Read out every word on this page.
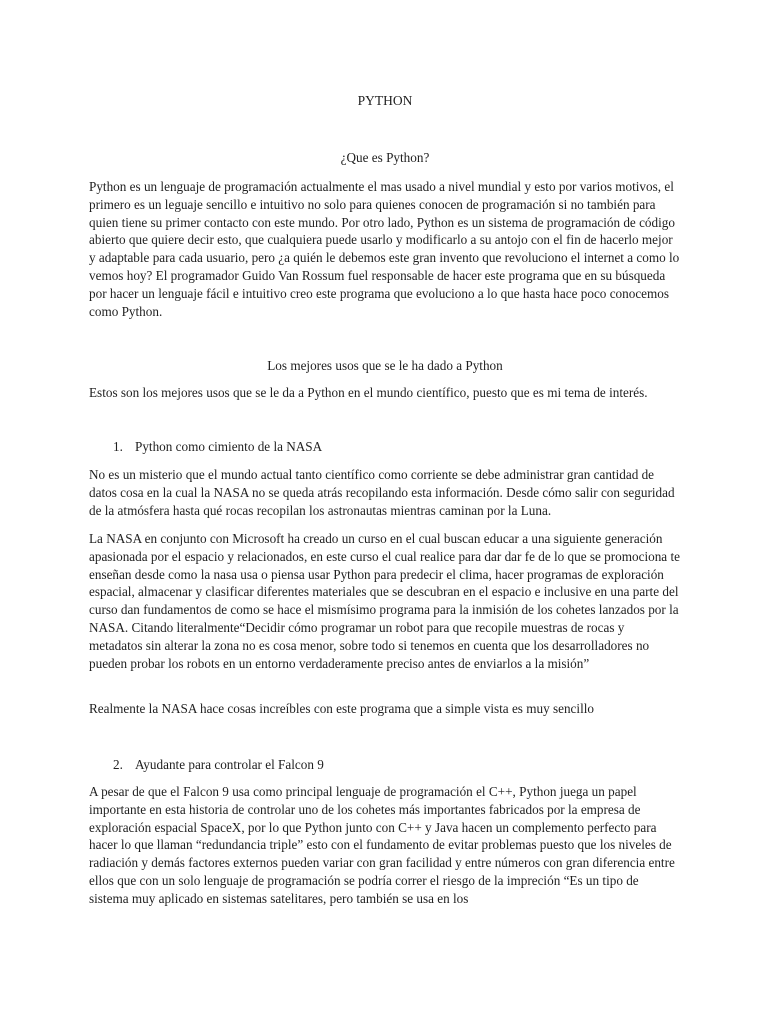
PYTHON

¿Que es Python?

Python es un lenguaje de programación actualmente el mas usado a nivel mundial y esto por varios motivos, el primero es un leguaje sencillo e intuitivo no solo para quienes conocen de programación si no también para quien tiene su primer contacto con este mundo. Por otro lado, Python es un sistema de programación de código abierto que quiere decir esto, que cualquiera puede usarlo y modificarlo a su antojo con el fin de hacerlo mejor y adaptable para cada usuario, pero ¿a quién le debemos este gran invento que revoluciono el internet a como lo vemos hoy? El programador Guido Van Rossum fuel responsable de hacer este programa que en su búsqueda por hacer un lenguaje fácil e intuitivo creo este programa que evoluciono a lo que hasta hace poco conocemos como Python.

Los mejores usos que se le ha dado a Python

Estos son los mejores usos que se le da a Python en el mundo científico, puesto que es mi tema de interés.

1. Python como cimiento de la NASA

No es un misterio que el mundo actual tanto científico como corriente se debe administrar gran cantidad de datos cosa en la cual la NASA no se queda atrás recopilando esta información. Desde cómo salir con seguridad de la atmósfera hasta qué rocas recopilan los astronautas mientras caminan por la Luna.

La NASA en conjunto con Microsoft ha creado un curso en el cual buscan educar a una siguiente generación apasionada por el espacio y relacionados, en este curso el cual realice para dar dar fe de lo que se promociona te enseñan desde como la nasa usa o piensa usar Python para predecir el clima, hacer programas de exploración espacial, almacenar y clasificar diferentes materiales que se descubran en el espacio e inclusive en una parte del curso dan fundamentos de como se hace el mismísimo programa para la inmisión de los cohetes lanzados por la NASA. Citando literalmente“Decidir cómo programar un robot para que recopile muestras de rocas y metadatos sin alterar la zona no es cosa menor, sobre todo si tenemos en cuenta que los desarrolladores no pueden probar los robots en un entorno verdaderamente preciso antes de enviarlos a la misión”

Realmente la NASA hace cosas increíbles con este programa que a simple vista es muy sencillo

2. Ayudante para controlar el Falcon 9

A pesar de que el Falcon 9 usa como principal lenguaje de programación el C++, Python juega un papel importante en esta historia de controlar uno de los cohetes más importantes fabricados por la empresa de exploración espacial SpaceX, por lo que Python junto con C++ y Java hacen un complemento perfecto para hacer lo que llaman “redundancia triple” esto con el fundamento de evitar problemas puesto que los niveles de radiación y demás factores externos pueden variar con gran facilidad y entre números con gran diferencia entre ellos que con un solo lenguaje de programación se podría correr el riesgo de la impreción “Es un tipo de sistema muy aplicado en sistemas satelitares, pero también se usa en los
